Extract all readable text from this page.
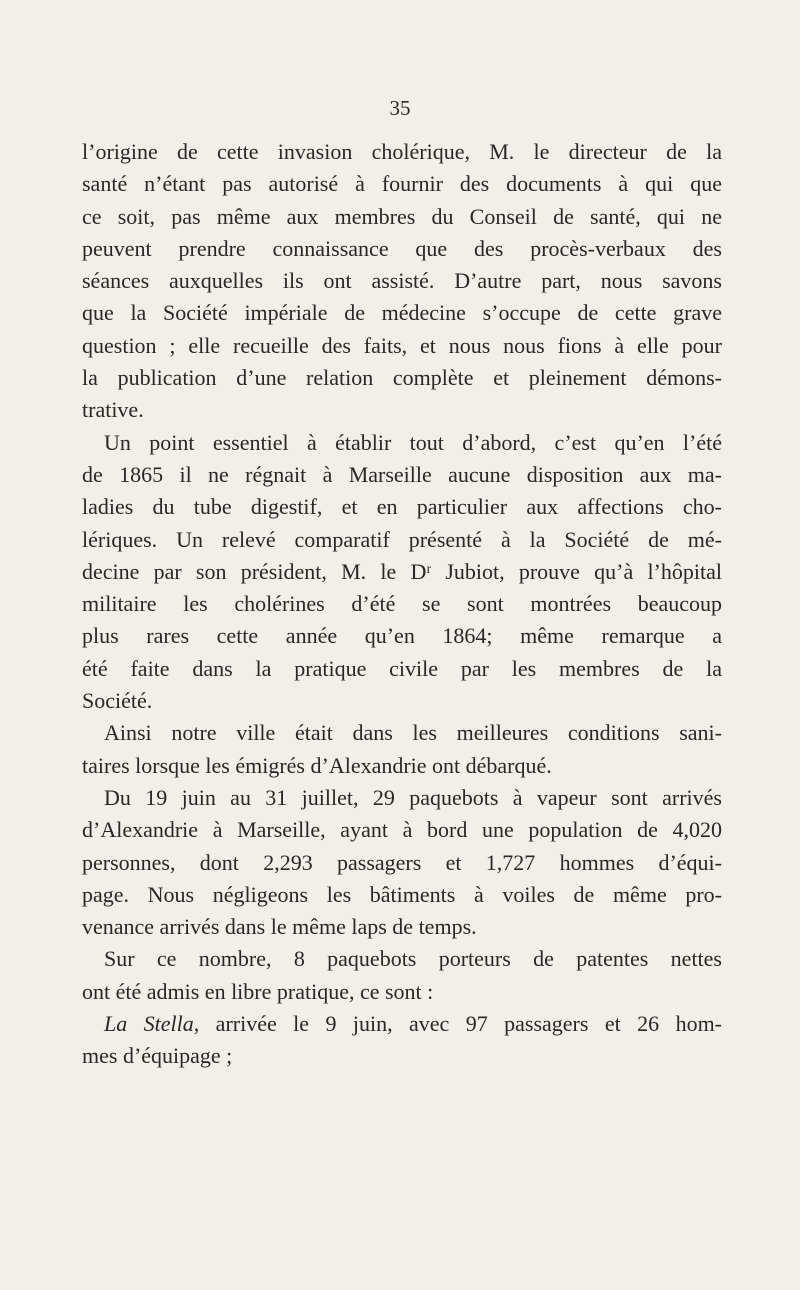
35
l’origine de cette invasion cholérique, M. le directeur de la
santé n’étant pas autorisé à fournir des documents à qui que
ce soit, pas même aux membres du Conseil de santé, qui ne
peuvent prendre connaissance que des procès-verbaux des
séances auxquelles ils ont assisté. D’autre part, nous savons
que la Société impériale de médecine s’occupe de cette grave
question ; elle recueille des faits, et nous nous fions à elle pour
la publication d’une relation complète et pleinement démons-
trative.
Un point essentiel à établir tout d’abord, c’est qu’en l’été
de 1865 il ne régnait à Marseille aucune disposition aux ma-
ladies du tube digestif, et en particulier aux affections cho-
lériques. Un relevé comparatif présenté à la Société de mé-
decine par son président, M. le Dʳ Jubiot, prouve qu’à l’hôpital
militaire les cholérines d’été se sont montrées beaucoup
plus rares cette année qu’en 1864; même remarque a
été faite dans la pratique civile par les membres de la
Société.
Ainsi notre ville était dans les meilleures conditions sani-
taires lorsque les émigrés d’Alexandrie ont débarqué.
Du 19 juin au 31 juillet, 29 paquebots à vapeur sont arrivés
d’Alexandrie à Marseille, ayant à bord une population de 4,020
personnes, dont 2,293 passagers et 1,727 hommes d’équi-
page. Nous négligeons les bâtiments à voiles de même pro-
venance arrivés dans le même laps de temps.
Sur ce nombre, 8 paquebots porteurs de patentes nettes
ont été admis en libre pratique, ce sont :
La Stella, arrivée le 9 juin, avec 97 passagers et 26 hom-
mes d’équipage ;
